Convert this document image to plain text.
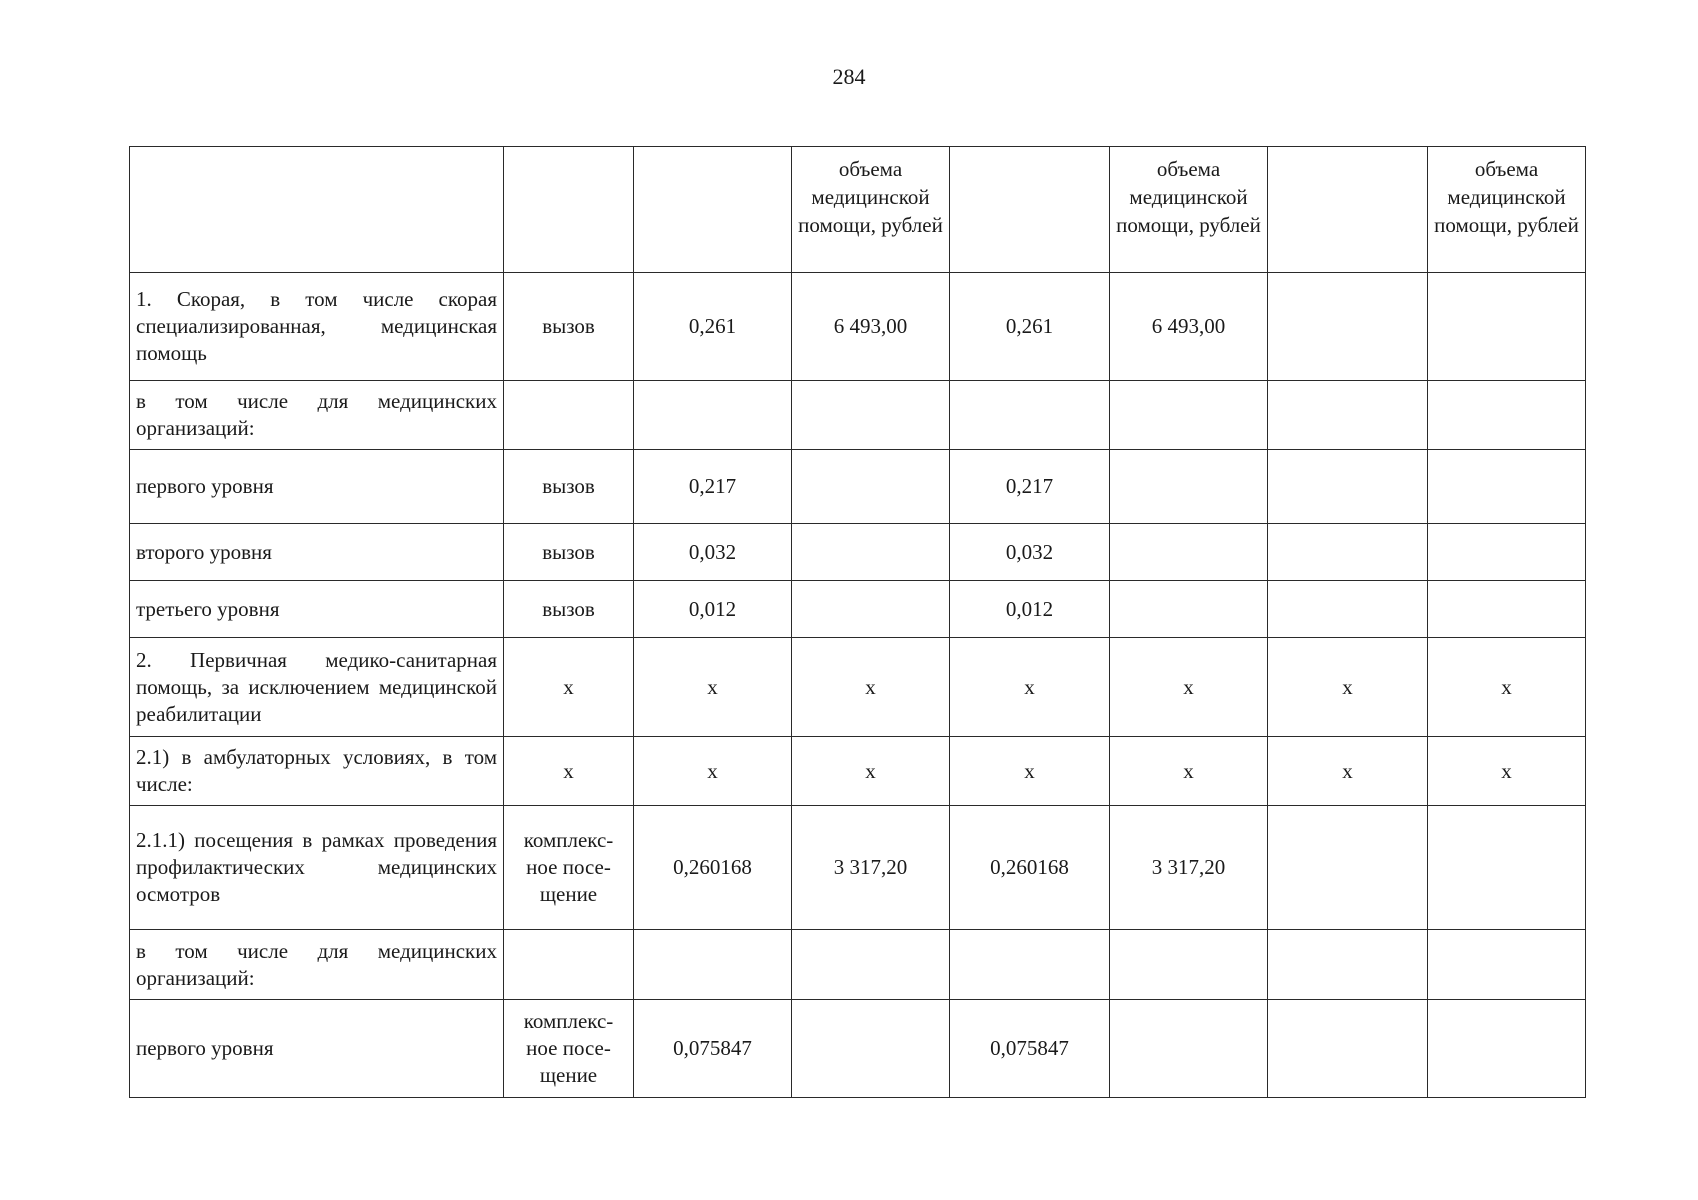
284
			объема медицинской помощи, рублей		объема медицинской помощи, рублей		объема медицинской помощи, рублей
1. Скорая, в том числе скорая специализированная, медицинская помощь	вызов	0,261	6 493,00	0,261	6 493,00		
в том числе для медицинских организаций:							
первого уровня	вызов	0,217		0,217			
второго уровня	вызов	0,032		0,032			
третьего уровня	вызов	0,012		0,012			
2. Первичная медико-санитарная помощь, за исключением медицинской реабилитации	х	х	х	х	х	х	х
2.1) в амбулаторных условиях, в том числе:	х	х	х	х	х	х	х
2.1.1) посещения в рамках проведения профилактических медицинских осмотров	комплекс-ное посе-щение	0,260168	3 317,20	0,260168	3 317,20		
в том числе для медицинских организаций:							
первого уровня	комплекс-ное посе-щение	0,075847		0,075847			
